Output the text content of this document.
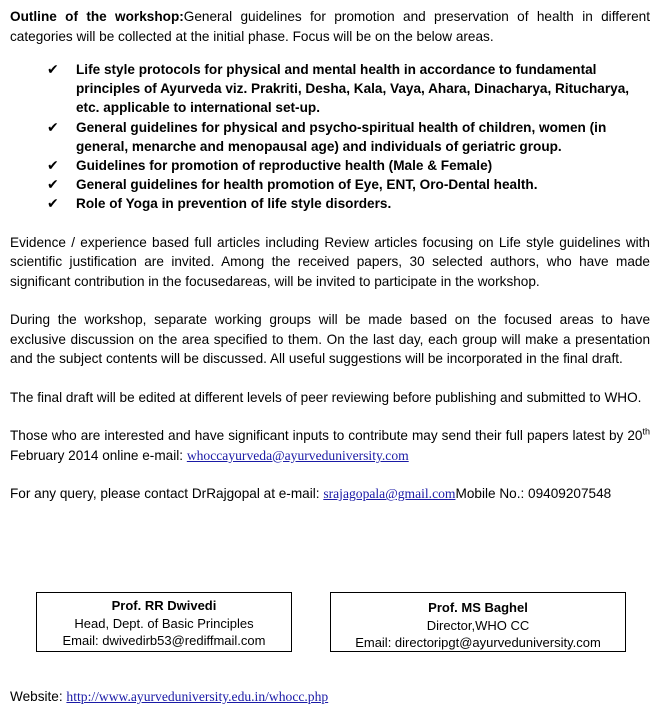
Outline of the workshop:General guidelines for promotion and preservation of health in different categories will be collected at the initial phase. Focus will be on the below areas.

✔ Life style protocols for physical and mental health in accordance to fundamental principles of Ayurveda viz. Prakriti, Desha, Kala, Vaya, Ahara, Dinacharya, Ritucharya, etc. applicable to international set-up.
✔ General guidelines for physical and psycho-spiritual health of children, women (in general, menarche and menopausal age) and individuals of geriatric group.
✔ Guidelines for promotion of reproductive health (Male & Female)
✔ General guidelines for health promotion of Eye, ENT, Oro-Dental health.
✔ Role of Yoga in prevention of life style disorders.

Evidence / experience based full articles including Review articles focusing on Life style guidelines with scientific justification are invited. Among the received papers, 30 selected authors, who have made significant contribution in the focusedareas, will be invited to participate in the workshop.

During the workshop, separate working groups will be made based on the focused areas to have exclusive discussion on the area specified to them. On the last day, each group will make a presentation and the subject contents will be discussed. All useful suggestions will be incorporated in the final draft.

The final draft will be edited at different levels of peer reviewing before publishing and submitted to WHO.

Those who are interested and have significant inputs to contribute may send their full papers latest by 20th February 2014 online e-mail: whoccayurveda@ayurveduniversity.com

For any query, please contact DrRajgopal at e-mail: srajagopala@gmail.comMobile No.: 09409207548

Prof. RR Dwivedi
Head, Dept. of Basic Principles
Email: dwivedirb53@rediffmail.com
Prof. MS Baghel
Director,WHO CC
Email: directoripgt@ayurveduniversity.com
Website: http://www.ayurveduniversity.edu.in/whocc.php
